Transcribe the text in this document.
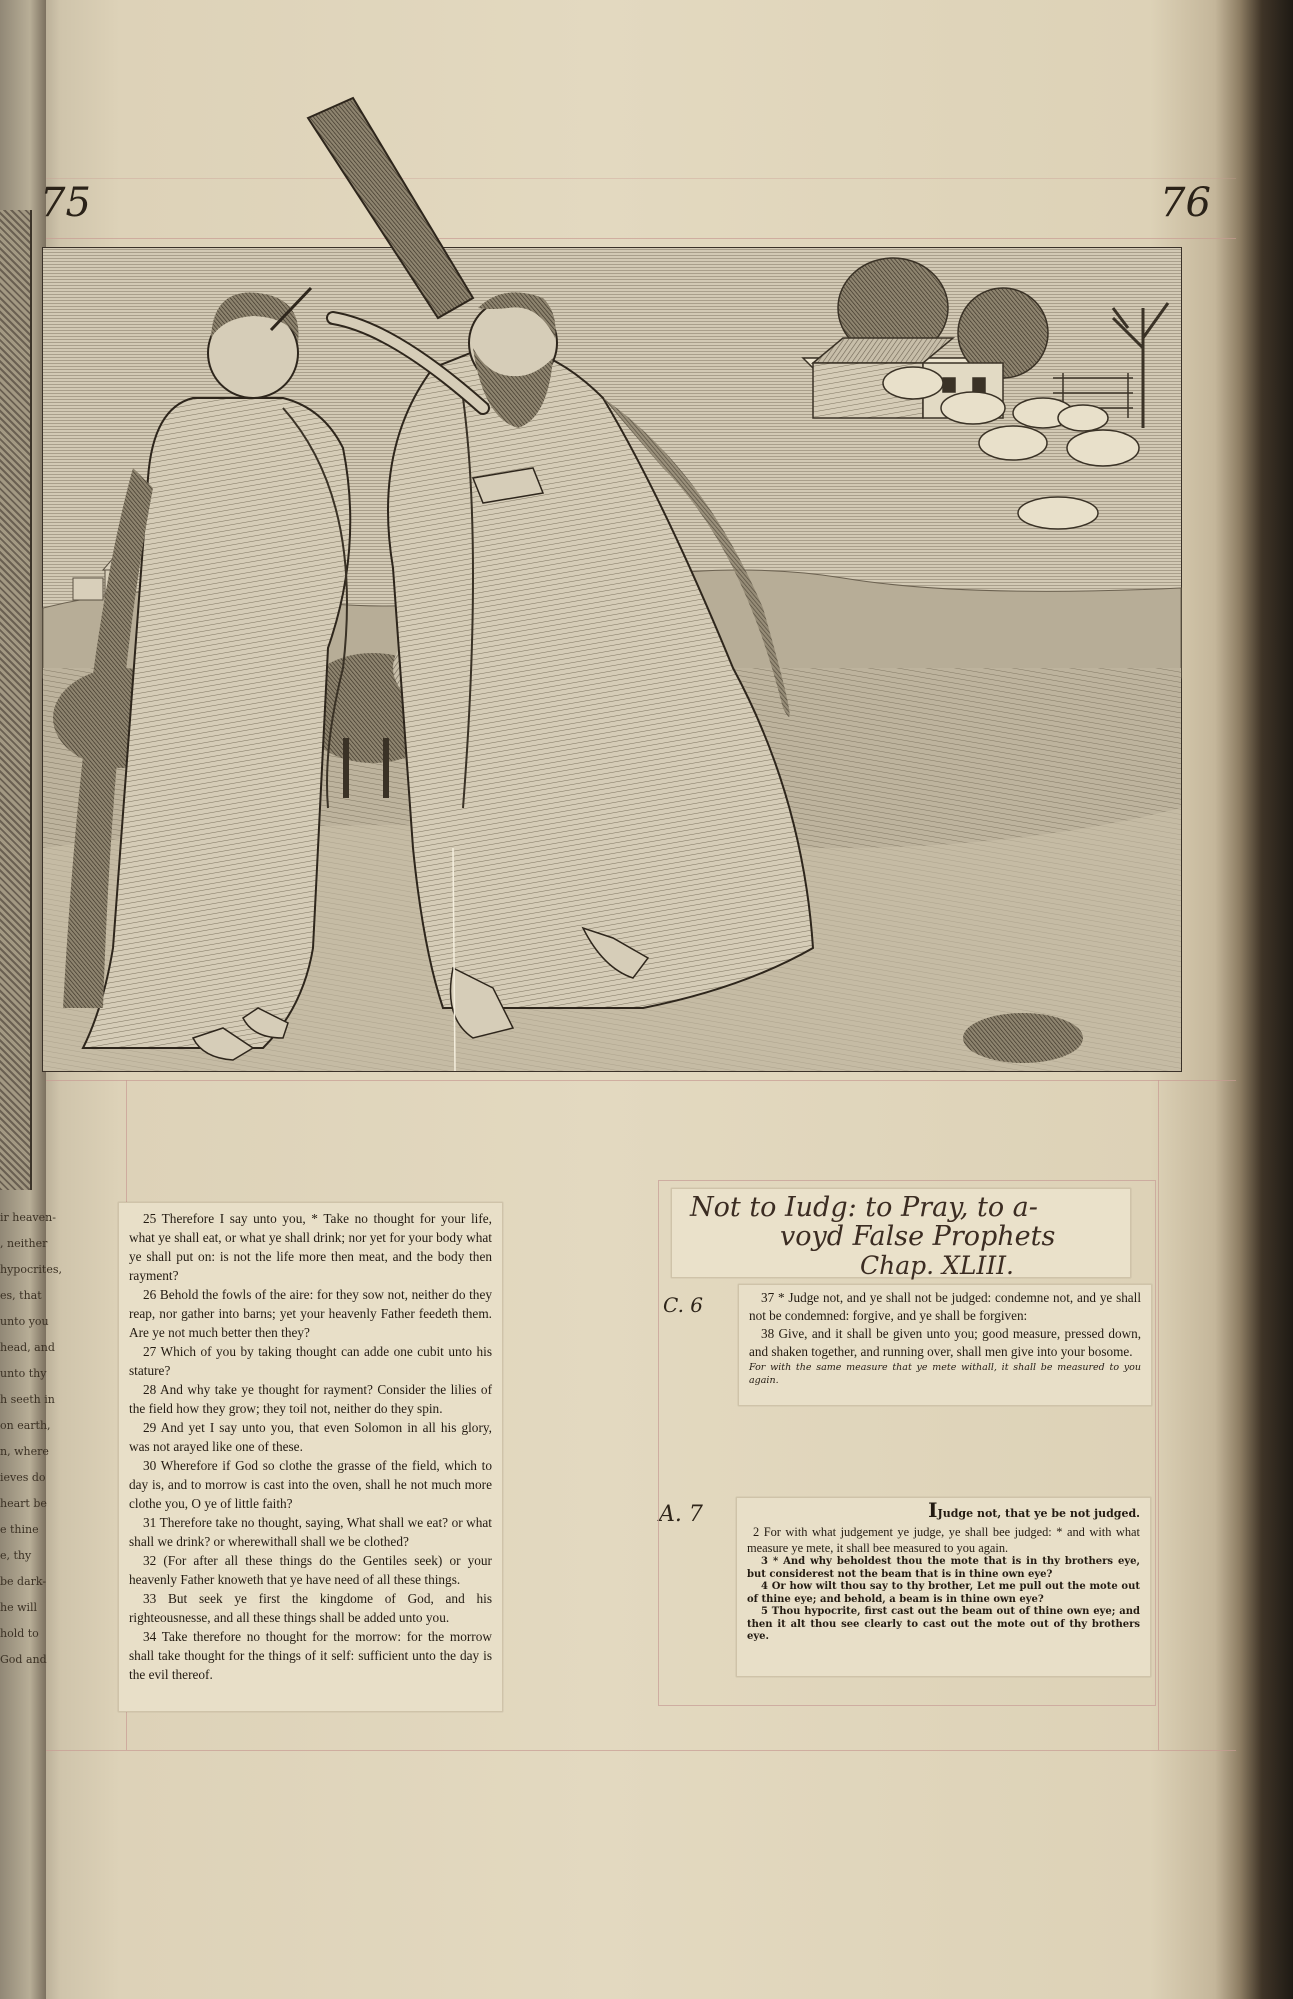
ir heaven-
, neither
hypocrites,
es, that
unto you
head, and
unto thy
h seeth in
on earth,
n, where
ieves do
heart be
e thine
e, thy
be dark-
he will
hold to
God and
75	76

25 Therefore I say unto you, * Take no thought for your life, what ye shall eat, or what ye shall drink; nor yet for your body what ye shall put on: is not the life more then meat, and the body then rayment?

26 Behold the fowls of the aire: for they sow not, neither do they reap, nor gather into barns; yet your heavenly Father feedeth them. Are ye not much better then they?

27 Which of you by taking thought can adde one cubit unto his stature?

28 And why take ye thought for rayment? Consider the lilies of the field how they grow; they toil not, neither do they spin.

29 And yet I say unto you, that even Solomon in all his glory, was not arayed like one of these.

30 Wherefore if God so clothe the grasse of the field, which to day is, and to morrow is cast into the oven, shall he not much more clothe you, O ye of little faith?

31 Therefore take no thought, saying, What shall we eat? or what shall we drink? or wherewithall shall we be clothed?

32 (For after all these things do the Gentiles seek) or your heavenly Father knoweth that ye have need of all these things.

33 But seek ye first the kingdome of God, and his righteousnesse, and all these things shall be added unto you.

34 Take therefore no thought for the morrow: for the morrow shall take thought for the things of it self: sufficient unto the day is the evil thereof.

Not to Iudg: to Pray, to a-
voyd False Prophets
Chap. XLIII.
C. 6	37 * Judge not, and ye shall not be judged: condemne not, and ye shall not be condemned: forgive, and ye shall be forgiven:

38 Give, and it shall be given unto you; good measure, pressed down, and shaken together, and running over, shall men give into your bosome.

For with the same measure that ye mete withall, it shall be measured to you again.

A. 7	IJudge not, that ye be not judged.

2 For with what judgement ye judge, ye shall bee judged: * and with what measure ye mete, it shall bee measured to you again.

3 * And why beholdest thou the mote that is in thy brothers eye, but considerest not the beam that is in thine own eye?

4 Or how wilt thou say to thy brother, Let me pull out the mote out of thine eye; and behold, a beam is in thine own eye?

5 Thou hypocrite, first cast out the beam out of thine own eye; and then it alt thou see clearly to cast out the mote out of thy brothers eye.
